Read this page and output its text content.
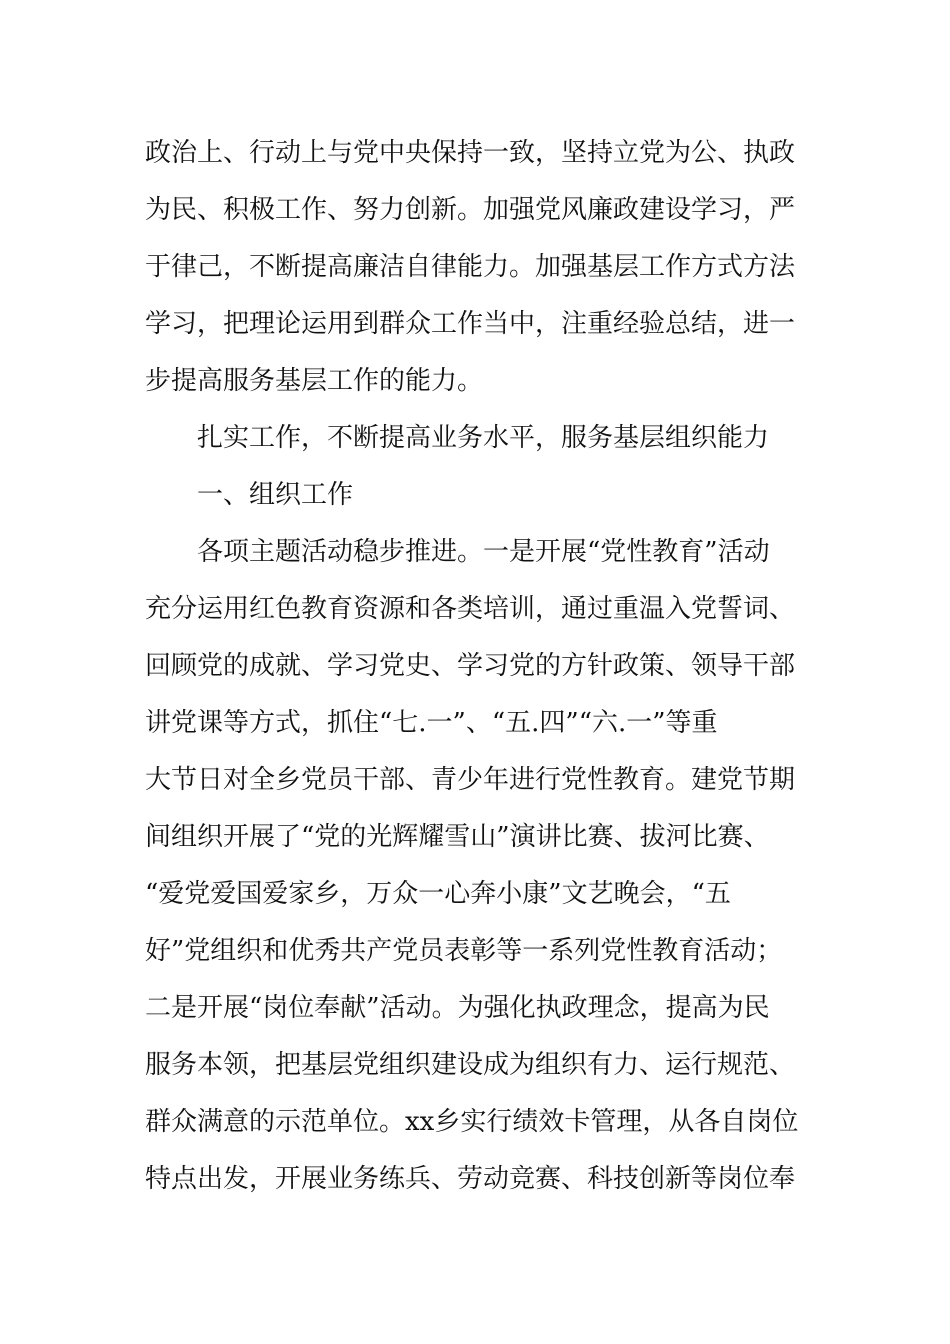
政治上、行动上与党中央保持一致，坚持立党为公、执政
为民、积极工作、努力创新。加强党风廉政建设学习，严
于律己，不断提高廉洁自律能力。加强基层工作方式方法
学习，把理论运用到群众工作当中，注重经验总结，进一
步提高服务基层工作的能力。
扎实工作，不断提高业务水平，服务基层组织能力
一、组织工作
各项主题活动稳步推进。一是开展“党性教育”活动
充分运用红色教育资源和各类培训，通过重温入党誓词、
回顾党的成就、学习党史、学习党的方针政策、领导干部
讲党课等方式，抓住“七.一”、“五.四”“六.一”等重
大节日对全乡党员干部、青少年进行党性教育。建党节期
间组织开展了“党的光辉耀雪山”演讲比赛、拔河比赛、
“爱党爱国爱家乡，万众一心奔小康”文艺晚会，“五
好”党组织和优秀共产党员表彰等一系列党性教育活动；
二是开展“岗位奉献”活动。为强化执政理念，提高为民
服务本领，把基层党组织建设成为组织有力、运行规范、
群众满意的示范单位。xx乡实行绩效卡管理，从各自岗位
特点出发，开展业务练兵、劳动竞赛、科技创新等岗位奉
